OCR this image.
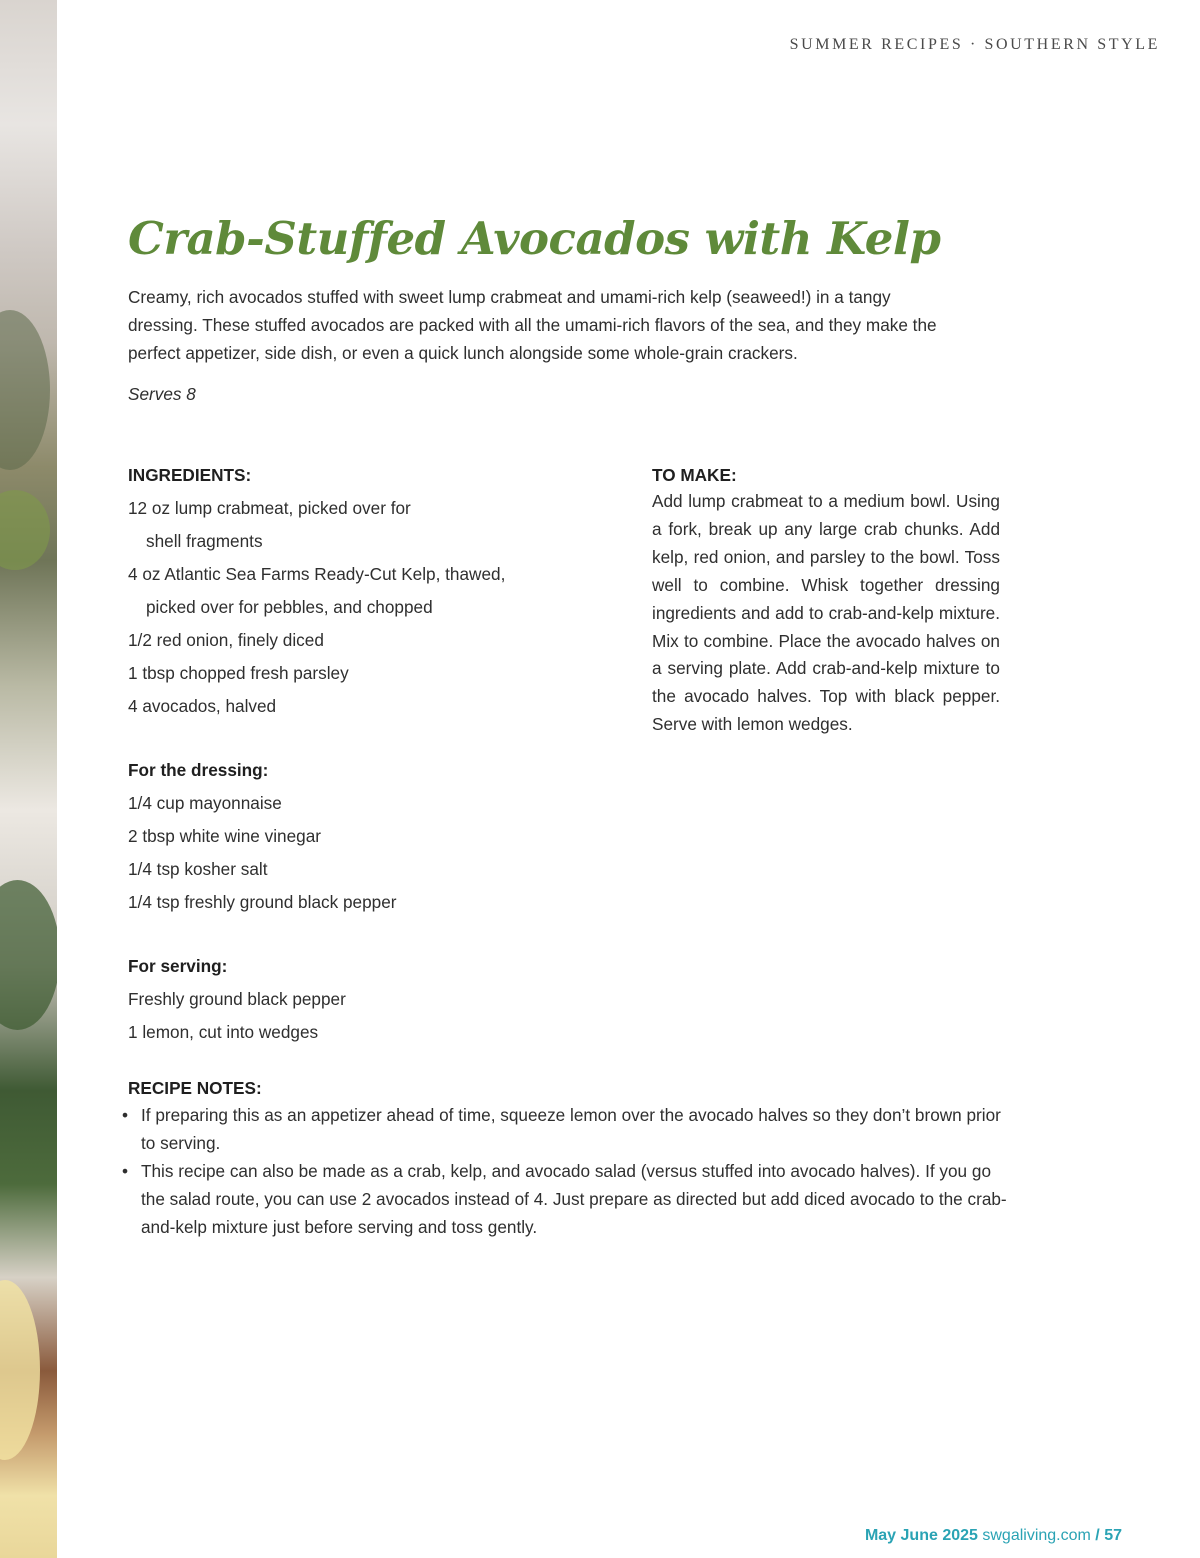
SUMMER RECIPES · SOUTHERN STYLE
Crab-Stuffed Avocados with Kelp

Creamy, rich avocados stuffed with sweet lump crabmeat and umami-rich kelp (seaweed!) in a tangy dressing. These stuffed avocados are packed with all the umami-rich flavors of the sea, and they make the perfect appetizer, side dish, or even a quick lunch alongside some whole-grain crackers.

Serves 8

INGREDIENTS:
12 oz lump crabmeat, picked over for
shell fragments
4 oz Atlantic Sea Farms Ready-Cut Kelp, thawed,
picked over for pebbles, and chopped
1/2 red onion, finely diced
1 tbsp chopped fresh parsley
4 avocados, halved
For the dressing:
1/4 cup mayonnaise
2 tbsp white wine vinegar
1/4 tsp kosher salt
1/4 tsp freshly ground black pepper
For serving:
Freshly ground black pepper
1 lemon, cut into wedges
TO MAKE:

Add lump crabmeat to a medium bowl. Using a fork, break up any large crab chunks. Add kelp, red onion, and parsley to the bowl. Toss well to combine. Whisk together dressing ingredients and add to crab-and-kelp mixture. Mix to combine. Place the avocado halves on a serving plate. Add crab-and-kelp mixture to the avocado halves. Top with black pepper. Serve with lemon wedges.

RECIPE NOTES:
• If preparing this as an appetizer ahead of time, squeeze lemon over the avocado halves so they don’t brown prior to serving.
• This recipe can also be made as a crab, kelp, and avocado salad (versus stuffed into avocado halves). If you go the salad route, you can use 2 avocados instead of 4. Just prepare as directed but add diced avocado to the crab-and-kelp mixture just before serving and toss gently.
May June 2025 swgaliving.com / 57
